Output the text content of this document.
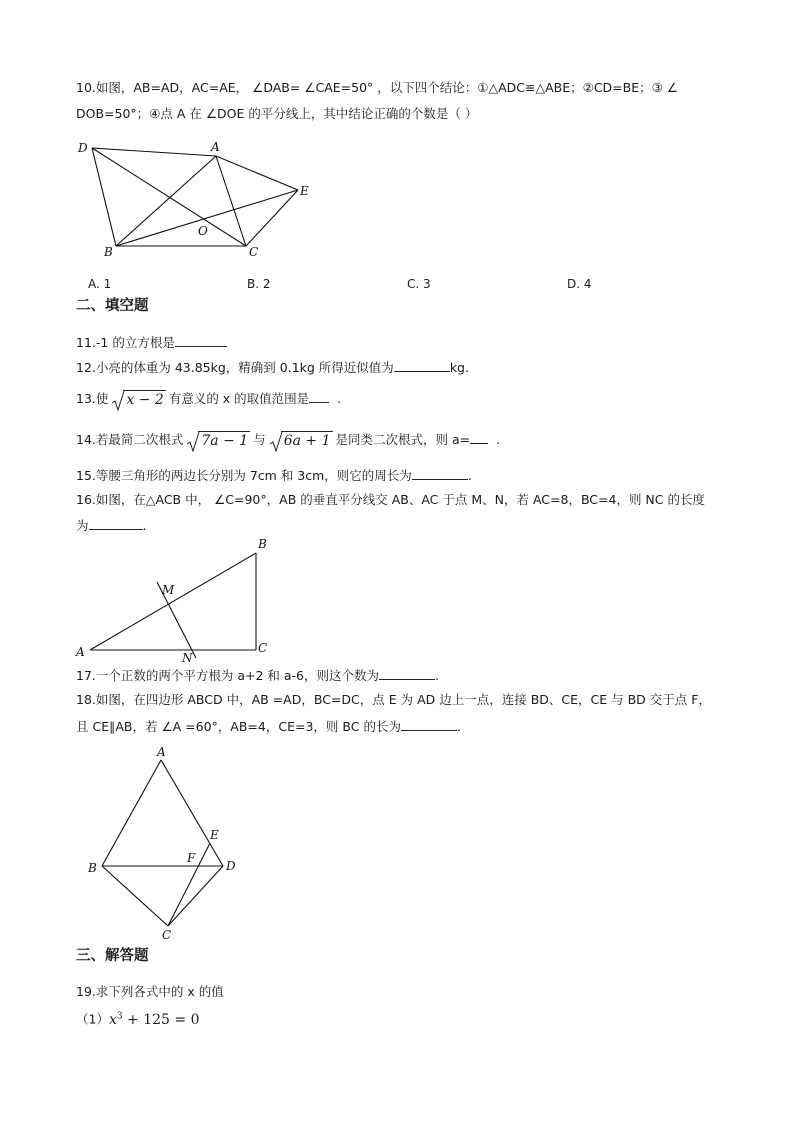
10.如图，AB=AD，AC=AE， ∠DAB= ∠CAE=50° ，以下四个结论：①△ADC≌△ABE；②CD=BE；③ ∠
DOB=50°；④点 A 在 ∠DOE 的平分线上，其中结论正确的个数是（ ）
D	A
E
B
O
C
A. 1	B. 2	C. 3	D. 4
二、填空题
11.-1 的立方根是
12.小亮的体重为 43.85kg，精确到 0.1kg 所得近似值为	kg.
13.使 x − 2 有意义的 x 的取值范围是 .
14.若最简二次根式 7a − 1 与 6a + 1 是同类二次根式，则 a= .
15.等腰三角形的两边长分别为 7cm 和 3cm，则它的周长为	.
16.如图，在△ACB 中， ∠C=90°，AB 的垂直平分线交 AB、AC 于点 M、N，若 AC=8，BC=4，则 NC 的长度
为	.
B
M
A	N
C
17.一个正数的两个平方根为 a+2 和 a-6，则这个数为	.
18.如图，在四边形 ABCD 中，AB =AD，BC=DC，点 E 为 AD 边上一点，连接 BD、CE，CE 与 BD 交于点 F，
且 CE∥AB，若 ∠A =60°，AB=4，CE=3，则 BC 的长为	.
A
E
B
F
D
C
三、解答题
19.求下列各式中的 x 的值
$(1)x^3 + 125 = 0$
